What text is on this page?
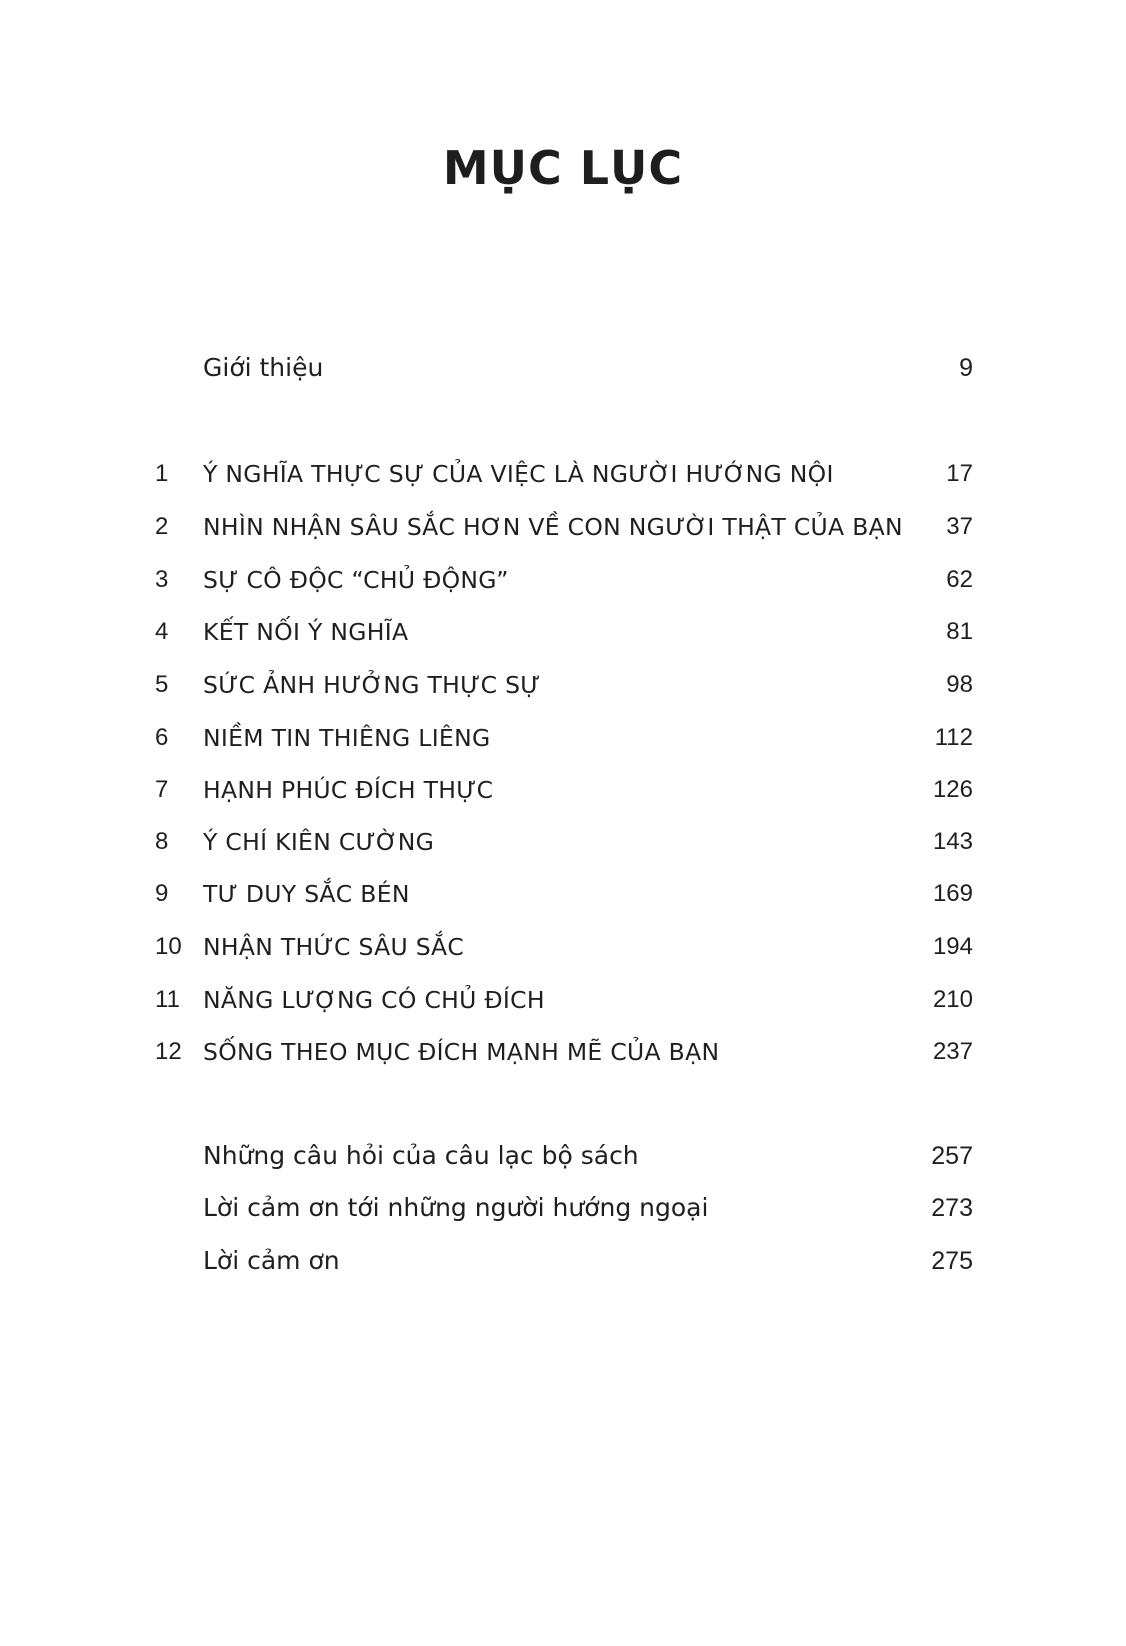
MỤC LỤC
Giới thiệu	9
1 Ý NGHĨA THỰC SỰ CỦA VIỆC LÀ NGƯỜI HƯỚNG NỘI	17
2 NHÌN NHẬN SÂU SẮC HƠN VỀ CON NGƯỜI THẬT CỦA BẠN 37
3 SỰ CÔ ĐỘC “CHỦ ĐỘNG”	62
4 KẾT NỐI Ý NGHĨA	81
5 SỨC ẢNH HƯỞNG THỰC SỰ	98
6 NIỀM TIN THIÊNG LIÊNG	112
7 HẠNH PHÚC ĐÍCH THỰC	126
8 Ý CHÍ KIÊN CƯỜNG	143
9 TƯ DUY SẮC BÉN	169
10 NHẬN THỨC SÂU SẮC	194
11 NĂNG LƯỢNG CÓ CHỦ ĐÍCH	210
12 SỐNG THEO MỤC ĐÍCH MẠNH MẼ CỦA BẠN	237
Những câu hỏi của câu lạc bộ sách	257
Lời cảm ơn tới những người hướng ngoại	273
Lời cảm ơn	275
